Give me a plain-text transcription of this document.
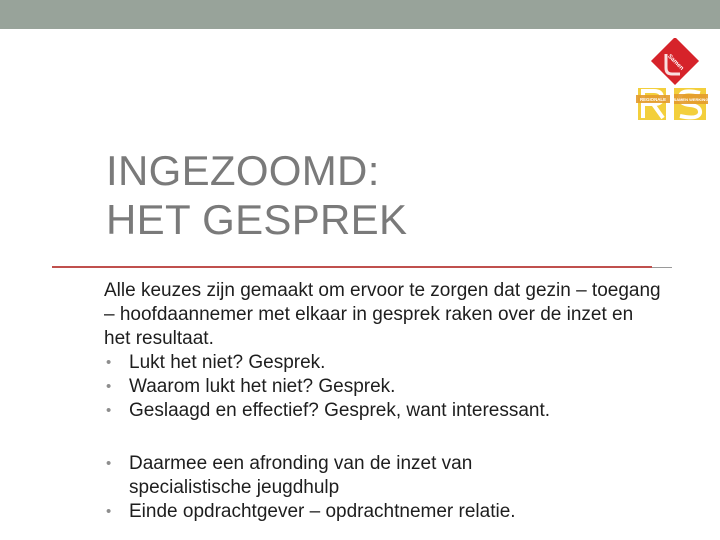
Samen
REGIONALE SAMEN WERKING
INGEZOOMD:
HET GESPREK

Alle keuzes zijn gemaakt om ervoor te zorgen dat gezin – toegang – hoofdaannemer met elkaar in gesprek raken over de inzet en het resultaat.

• Lukt het niet? Gesprek.
• Waarom lukt het niet? Gesprek.
• Geslaagd en effectief? Gesprek, want interessant.
• Daarmee een afronding van de inzet van
specialistische jeugdhulp
• Einde opdrachtgever – opdrachtnemer relatie.
